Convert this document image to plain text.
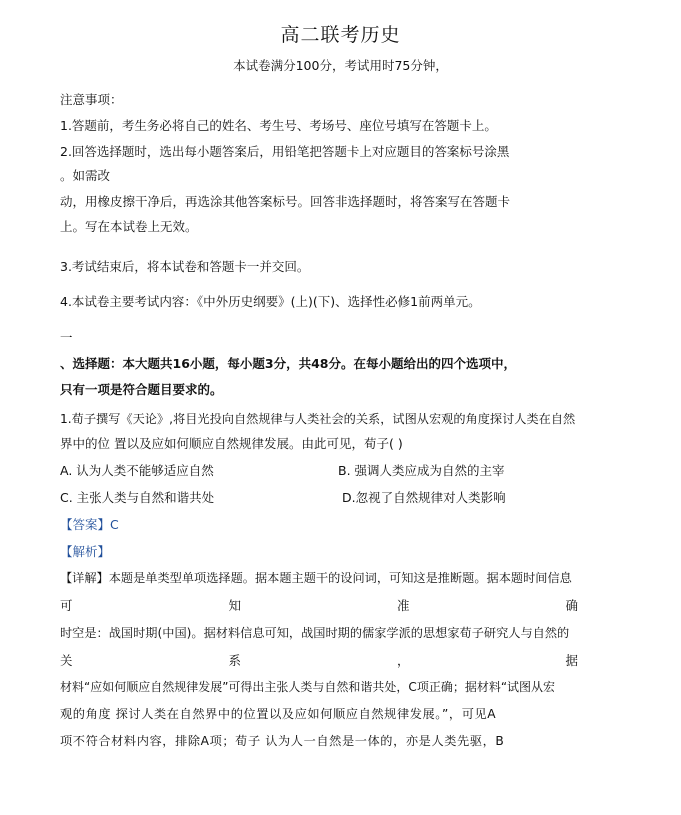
高二联考历史
本试卷满分100分，考试用时75分钟，
注意事项：
1.答题前，考生务必将自己的姓名、考生号、考场号、座位号填写在答题卡上。
2.回答选择题时，选出每小题答案后，用铅笔把答题卡上对应题目的答案标号涂黑
。如需改
动，用橡皮擦干净后，再选涂其他答案标号。回答非选择题时，将答案写在答题卡
上。写在本试卷上无效。
3.考试结束后，将本试卷和答题卡一并交回。
4.本试卷主要考试内容：《中外历史纲要》(上)(下)、选择性必修1前两单元。
一
、选择题：本大题共16小题，每小题3分，共48分。在每小题给出的四个选项中，
只有一项是符合题目要求的。
1.荀子撰写《天论》,将目光投向自然规律与人类社会的关系，试图从宏观的角度探讨人类在自然
界中的位 置以及应如何顺应自然规律发展。由此可见，荀子( )
A. 认为人类不能够适应自然	B. 强调人类应成为自然的主宰
C. 主张人类与自然和谐共处	D.忽视了自然规律对人类影响
【答案】C
【解析】
【详解】本题是单类型单项选择题。据本题主题干的设问词，可知这是推断题。据本题时间信息
可	知	准	确
时空是：战国时期(中国)。据材料信息可知，战国时期的儒家学派的思想家荀子研究人与自然的
关	系	，	据
材料“应如何顺应自然规律发展”可得出主张人类与自然和谐共处，C项正确；据材料“试图从宏
观的角度 探讨人类在自然界中的位置以及应如何顺应自然规律发展。”，可见A
项不符合材料内容，排除A项；荀子 认为人一自然是一体的，亦是人类先驱，B
